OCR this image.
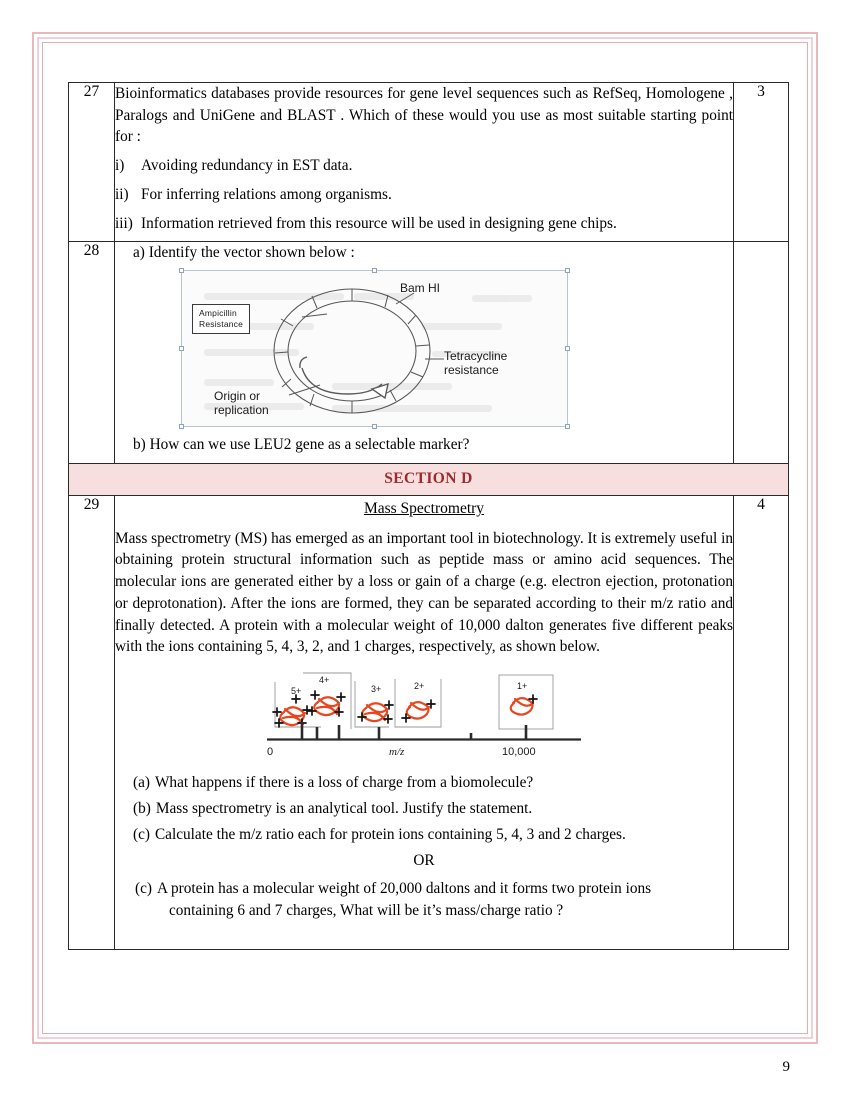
27	Bioinformatics databases provide resources for gene level sequences such as RefSeq, Homologene , Paralogs and UniGene and BLAST . Which of these would you use as most suitable starting point for :

i)	Avoiding redundancy in EST data.
ii) For inferring relations among organisms.
iii) Information retrieved from this resource will be used in designing gene chips.
	3
28	a) Identify the vector shown below :

Ampicillin
Resistance
Bam HI
Tetracycline
resistance
Origin or
replication

b) How can we use LEU2 gene as a selectable marker?

SECTION D		
29	Mass Spectrometry

Mass spectrometry (MS) has emerged as an important tool in biotechnology. It is extremely useful in obtaining protein structural information such as peptide mass or amino acid sequences. The molecular ions are generated either by a loss or gain of a charge (e.g. electron ejection, protonation or deprotonation). After the ions are formed, they can be separated according to their m/z ratio and finally detected. A protein with a molecular weight of 10,000 dalton generates five different peaks with the ions containing 5, 4, 3, 2, and 1 charges, respectively, as shown below.

5+
4+
3+	2+	1+
0	10,000
m/z
(a) What happens if there is a loss of charge from a biomolecule?
(b) Mass spectrometry is an analytical tool. Justify the statement.
(c) Calculate the m/z ratio each for protein ions containing 5, 4, 3 and 2 charges.
OR
(c) A protein has a molecular weight of 20,000 daltons and it forms two protein ions
containing 6 and 7 charges, What will be it’s mass/charge ratio ?
	4
9
